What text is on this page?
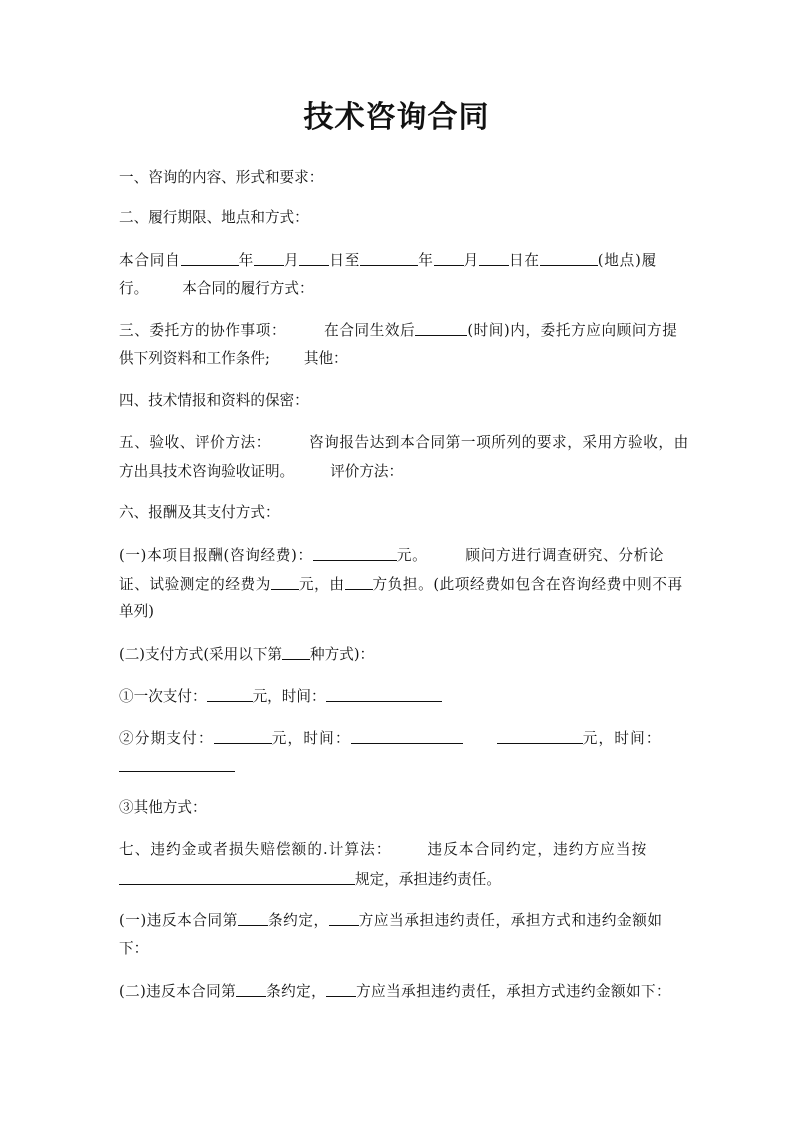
技术咨询合同
一、咨询的内容、形式和要求：
二、履行期限、地点和方式：
本合同自	年 月 日至	年 月 日在	(地点)履
行。 本合同的履行方式：
三、委托方的协作事项：	在合同生效后	(时间)内，委托方应向顾问方提
供下列资料和工作条件; 其他：
四、技术情报和资料的保密：
五、验收、评价方法：	咨询报告达到本合同第一项所列的要求，采用方验收，由
方出具技术咨询验收证明。 评价方法：
六、报酬及其支付方式：
(一)本项目报酬(咨询经费)：	元。	顾问方进行调查研究、分析论
证、试验测定的经费为 元，由 方负担。(此项经费如包含在咨询经费中则不再
单列)
(二)支付方式(采用以下第 种方式)：
①一次支付：	元，时间：
②分期支付：	元，时间：	元，时间：
③其他方式：
七、违约金或者损失赔偿额的.计算法： 违反本合同约定，违约方应当按
规定，承担违约责任。
(一)违反本合同第 条约定， 方应当承担违约责任，承担方式和违约金额如
下：
(二)违反本合同第 条约定， 方应当承担违约责任，承担方式违约金额如下：
